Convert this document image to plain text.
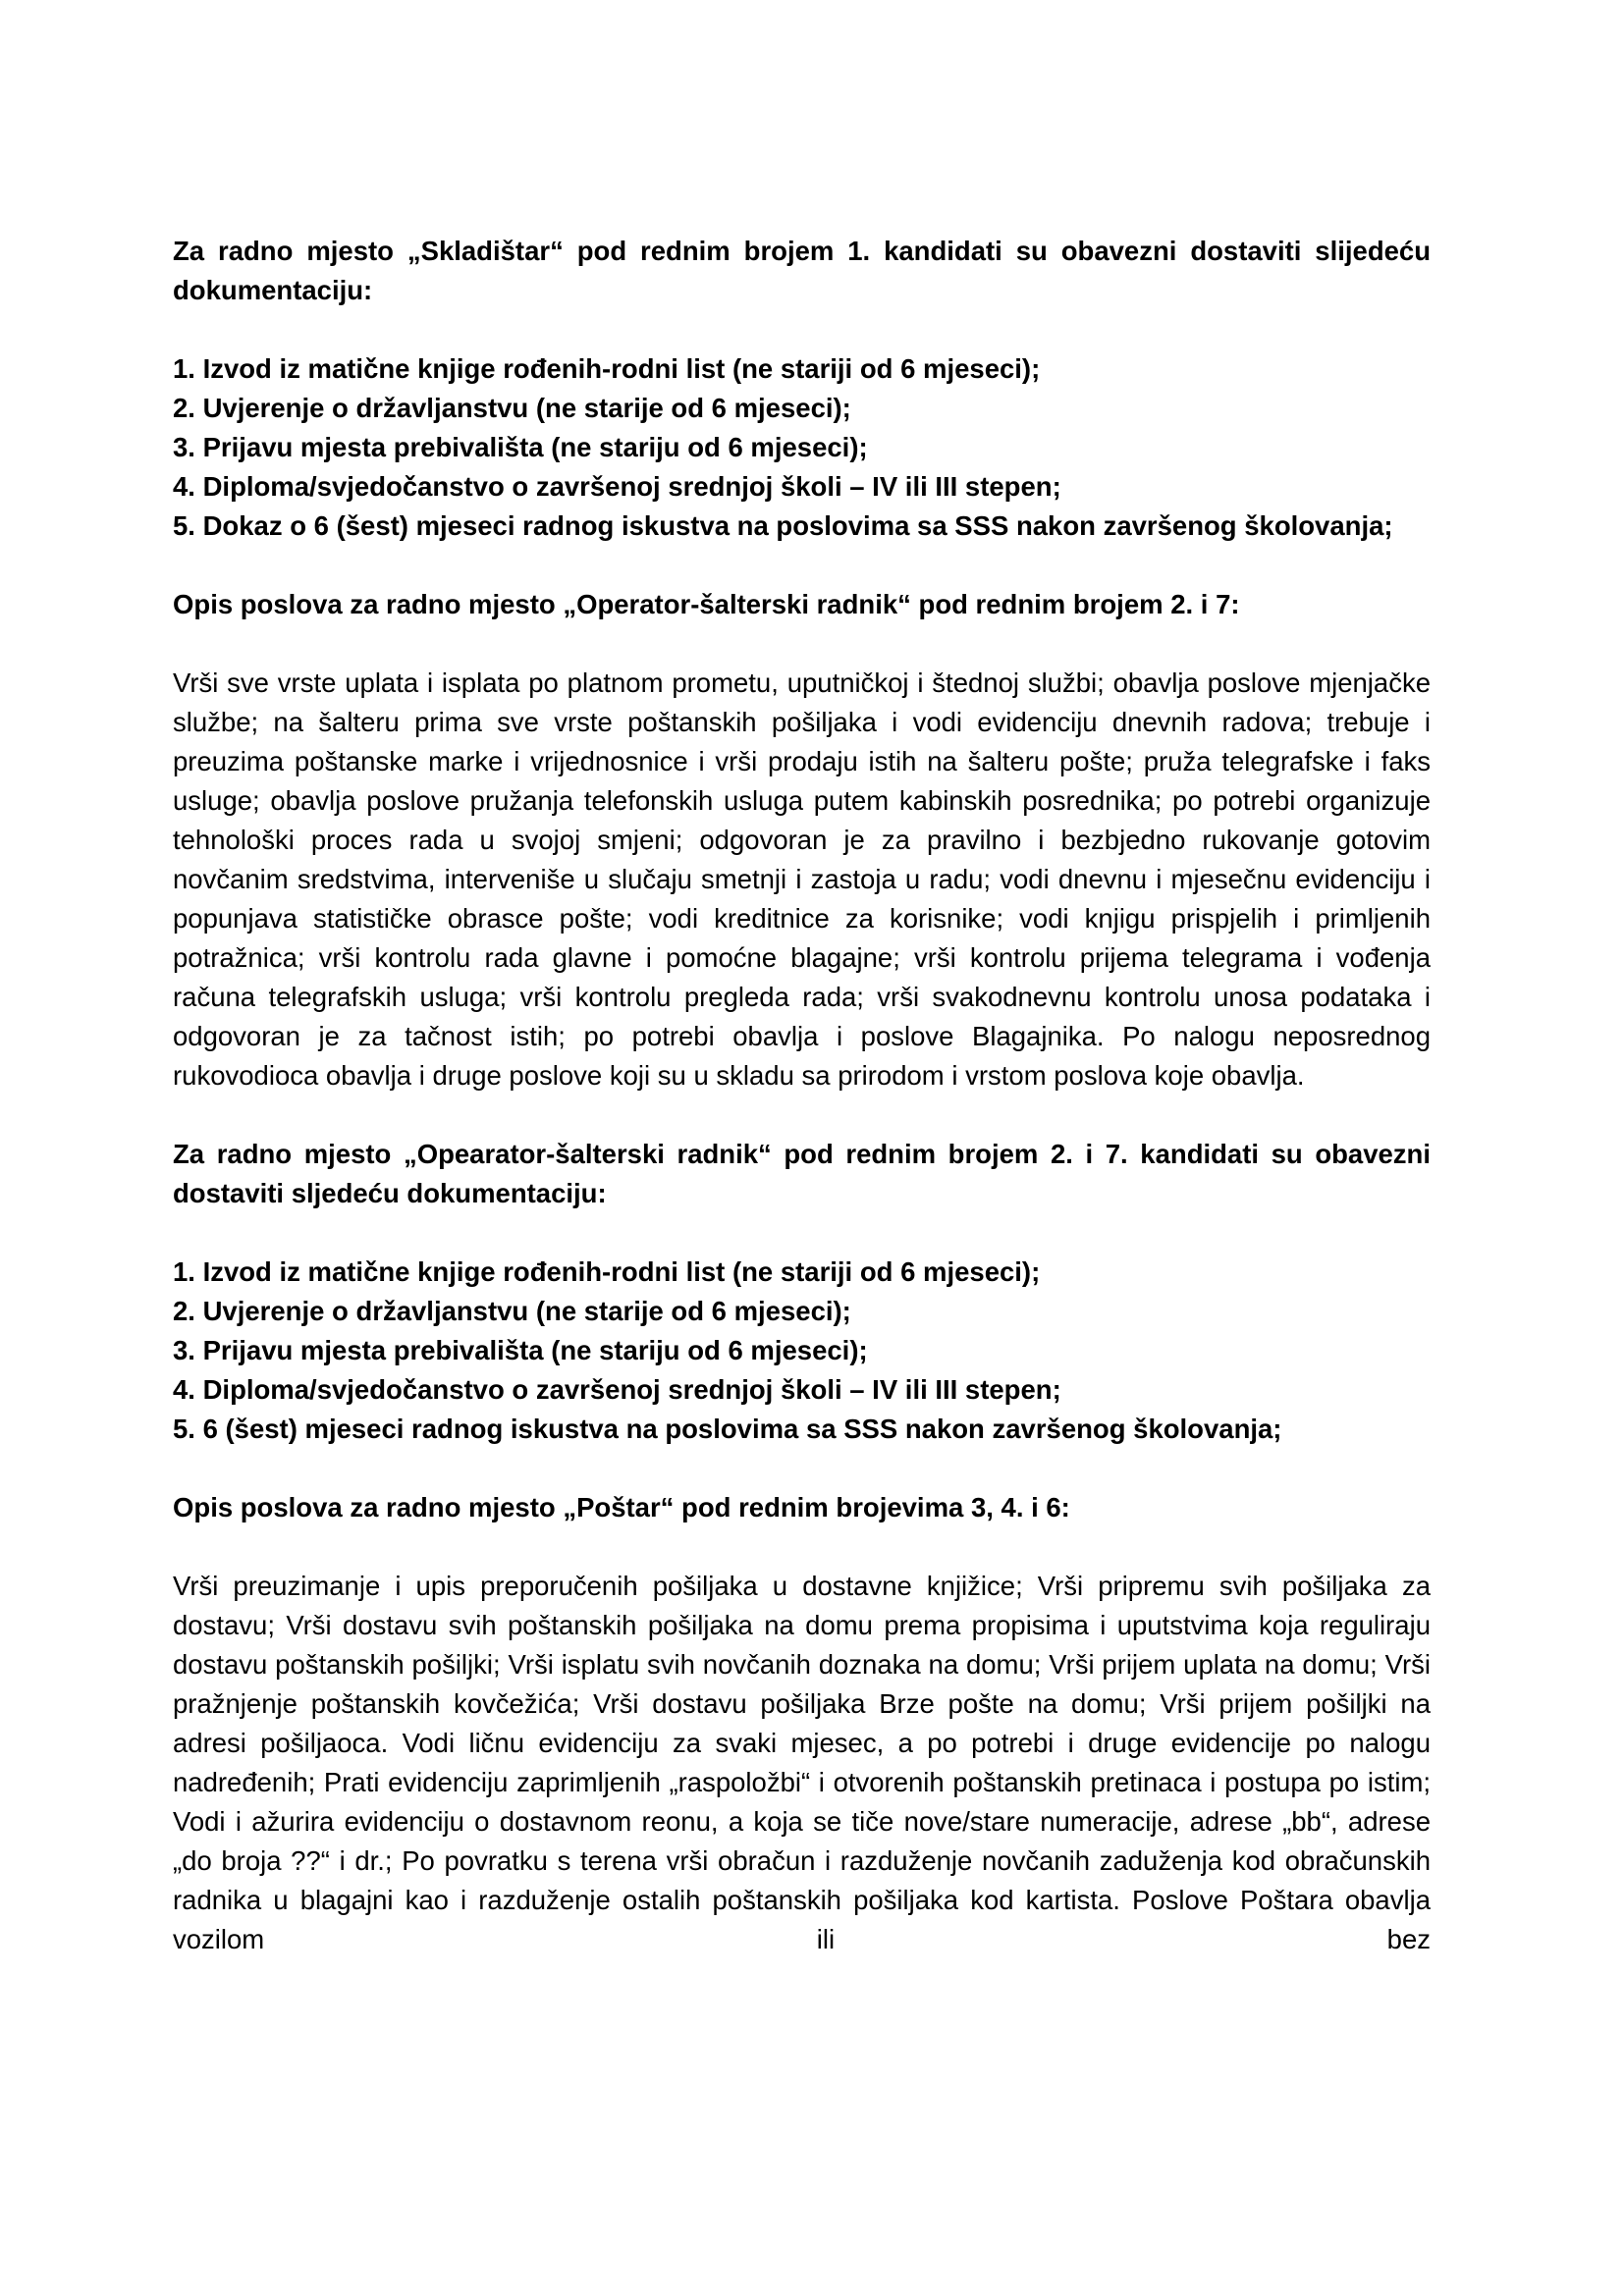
Za radno mjesto „Skladištar“ pod rednim brojem 1. kandidati su obavezni dostaviti slijedeću dokumentaciju:

1. Izvod iz matične knjige rođenih-rodni list (ne stariji od 6 mjeseci);
2. Uvjerenje o državljanstvu (ne starije od 6 mjeseci);
3. Prijavu mjesta prebivališta (ne stariju od 6 mjeseci);
4. Diploma/svjedočanstvo o završenoj srednjoj školi – IV ili III stepen;
5. Dokaz o 6 (šest) mjeseci radnog iskustva na poslovima sa SSS nakon završenog školovanja;

Opis poslova za radno mjesto „Operator-šalterski radnik“ pod rednim brojem 2. i 7:

Vrši sve vrste uplata i isplata po platnom prometu, uputničkoj i štednoj službi; obavlja poslove mjenjačke službe; na šalteru prima sve vrste poštanskih pošiljaka i vodi evidenciju dnevnih radova; trebuje i preuzima poštanske marke i vrijednosnice i vrši prodaju istih na šalteru pošte; pruža telegrafske i faks usluge; obavlja poslove pružanja telefonskih usluga putem kabinskih posrednika; po potrebi organizuje tehnološki proces rada u svojoj smjeni; odgovoran je za pravilno i bezbjedno rukovanje gotovim novčanim sredstvima, interveniše u slučaju smetnji i zastoja u radu; vodi dnevnu i mjesečnu evidenciju i popunjava statističke obrasce pošte; vodi kreditnice za korisnike; vodi knjigu prispjelih i primljenih potražnica; vrši kontrolu rada glavne i pomoćne blagajne; vrši kontrolu prijema telegrama i vođenja računa telegrafskih usluga; vrši kontrolu pregleda rada; vrši svakodnevnu kontrolu unosa podataka i odgovoran je za tačnost istih; po potrebi obavlja i poslove Blagajnika. Po nalogu neposrednog rukovodioca obavlja i druge poslove koji su u skladu sa prirodom i vrstom poslova koje obavlja.

Za radno mjesto „Opearator-šalterski radnik“ pod rednim brojem 2. i 7. kandidati su obavezni dostaviti sljedeću dokumentaciju:

1. Izvod iz matične knjige rođenih-rodni list (ne stariji od 6 mjeseci);
2. Uvjerenje o državljanstvu (ne starije od 6 mjeseci);
3. Prijavu mjesta prebivališta (ne stariju od 6 mjeseci);
4. Diploma/svjedočanstvo o završenoj srednjoj školi – IV ili III stepen;
5. 6 (šest) mjeseci radnog iskustva na poslovima sa SSS nakon završenog školovanja;

Opis poslova za radno mjesto „Poštar“ pod rednim brojevima 3, 4. i 6:

Vrši preuzimanje i upis preporučenih pošiljaka u dostavne knjižice; Vrši pripremu svih pošiljaka za dostavu; Vrši dostavu svih poštanskih pošiljaka na domu prema propisima i uputstvima koja reguliraju dostavu poštanskih pošiljki; Vrši isplatu svih novčanih doznaka na domu; Vrši prijem uplata na domu; Vrši pražnjenje poštanskih kovčežića; Vrši dostavu pošiljaka Brze pošte na domu; Vrši prijem pošiljki na adresi pošiljaoca. Vodi ličnu evidenciju za svaki mjesec, a po potrebi i druge evidencije po nalogu nadređenih; Prati evidenciju zaprimljenih „raspoložbi“ i otvorenih poštanskih pretinaca i postupa po istim; Vodi i ažurira evidenciju o dostavnom reonu, a koja se tiče nove/stare numeracije, adrese „bb“, adrese „do broja ??“ i dr.; Po povratku s terena vrši obračun i razduženje novčanih zaduženja kod obračunskih radnika u blagajni kao i razduženje ostalih poštanskih pošiljaka kod kartista. Poslove Poštara obavlja vozilom ili bez
